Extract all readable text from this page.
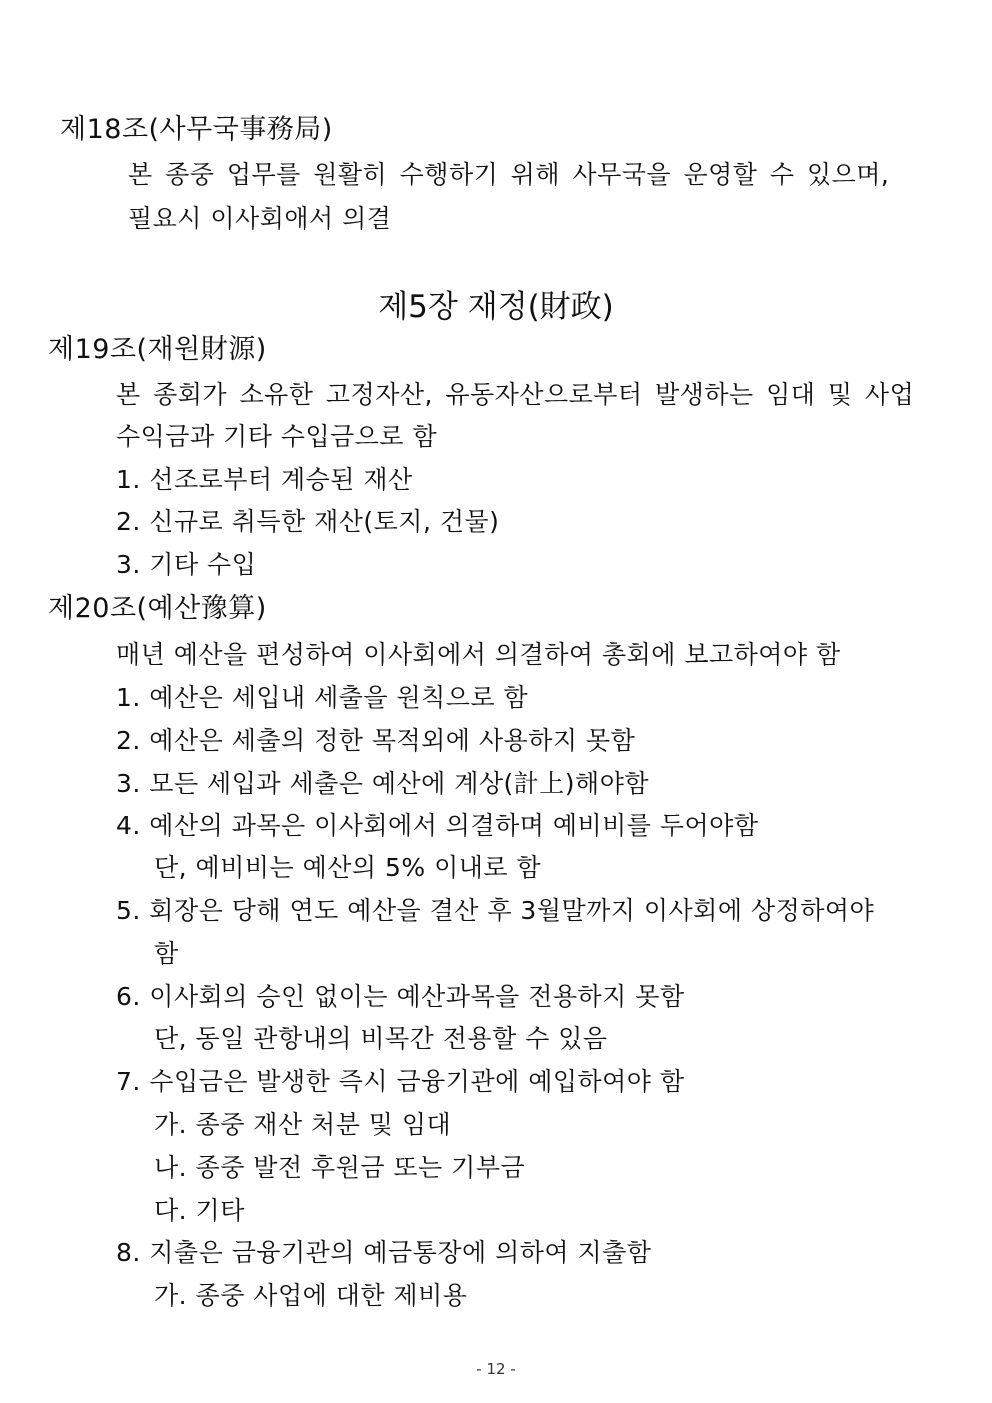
제18조(사무국事務局)
본 종중 업무를 원활히 수행하기 위해 사무국을 운영할 수 있으며,
필요시 이사회애서 의결
제5장 재정(財政)
제19조(재원財源)
본 종회가 소유한 고정자산, 유동자산으로부터 발생하는 임대 및 사업
수익금과 기타 수입금으로 함
1. 선조로부터 계승된 재산
2. 신규로 취득한 재산(토지, 건물)
3. 기타 수입
제20조(예산豫算)
매년 예산을 편성하여 이사회에서 의결하여 총회에 보고하여야 함
1. 예산은 세입내 세출을 원칙으로 함
2. 예산은 세출의 정한 목적외에 사용하지 못함
3. 모든 세입과 세출은 예산에 계상(計上)해야함
4. 예산의 과목은 이사회에서 의결하며 예비비를 두어야함
단, 예비비는 예산의 5% 이내로 함
5. 회장은 당해 연도 예산을 결산 후 3월말까지 이사회에 상정하여야
함
6. 이사회의 승인 없이는 예산과목을 전용하지 못함
단, 동일 관항내의 비목간 전용할 수 있음
7. 수입금은 발생한 즉시 금융기관에 예입하여야 함
가. 종중 재산 처분 및 임대
나. 종중 발전 후원금 또는 기부금
다. 기타
8. 지출은 금융기관의 예금통장에 의하여 지출함
가. 종중 사업에 대한 제비용
- 12 -
